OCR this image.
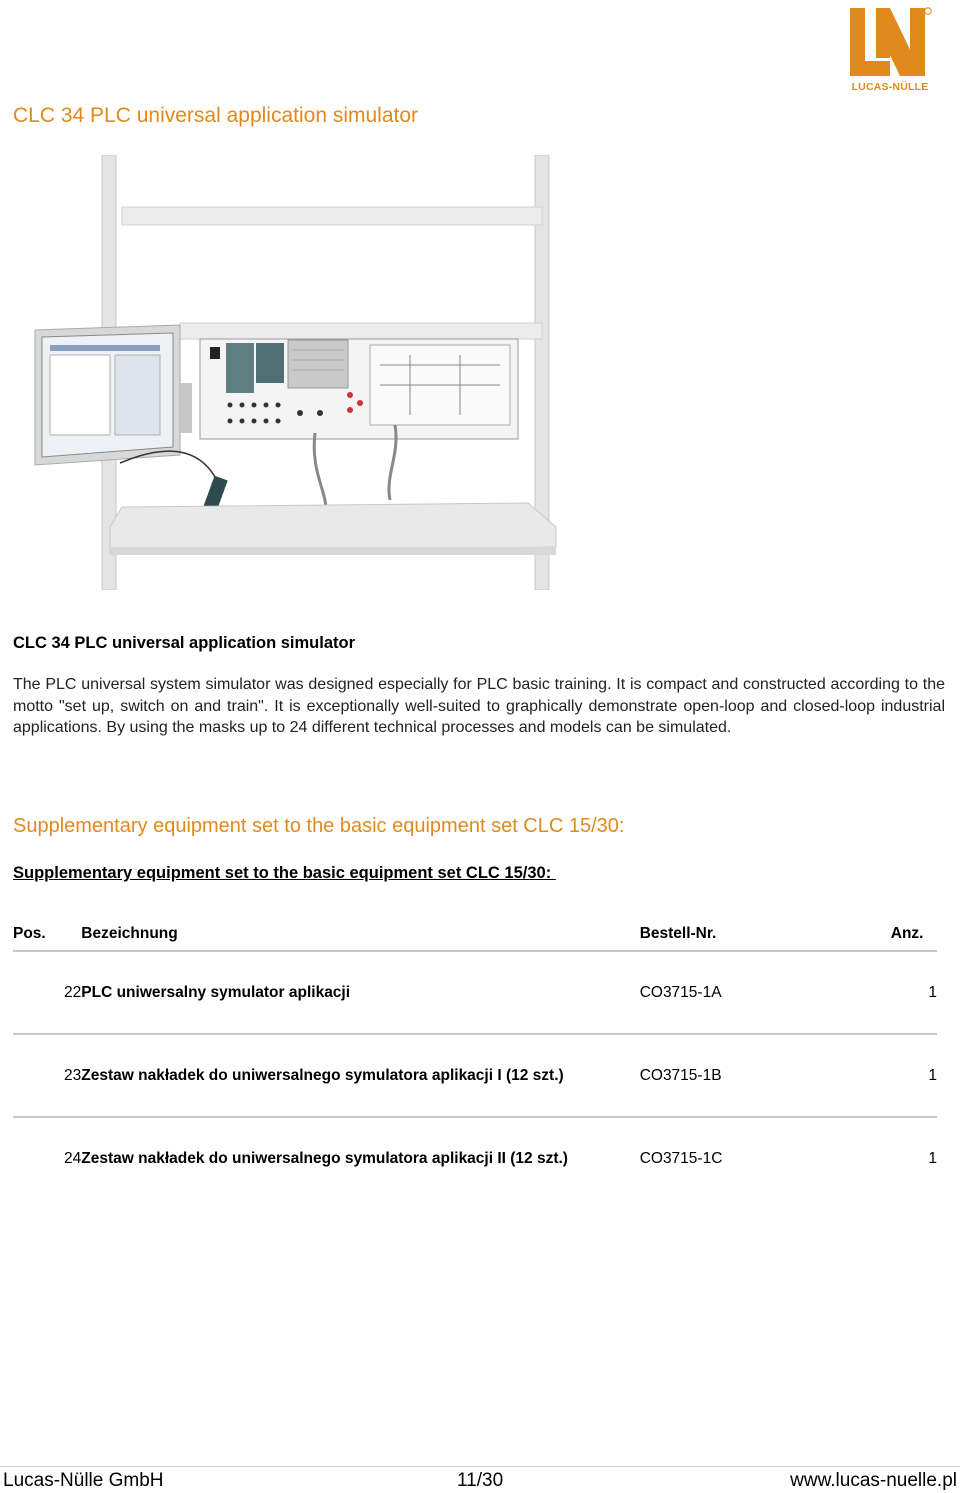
LUCAS-NÜLLE
CLC 34 PLC universal application simulator
CLC 34 PLC universal application simulator

The PLC universal system simulator was designed especially for PLC basic training. It is compact and constructed according to the motto "set up, switch on and train". It is exceptionally well-suited to graphically demonstrate open-loop and closed-loop industrial applications. By using the masks up to 24 different technical processes and models can be simulated.

Supplementary equipment set to the basic equipment set CLC 15/30:
Supplementary equipment set to the basic equipment set CLC 15/30:
Pos.	Bezeichnung	Bestell-Nr.	Anz.
22	PLC uniwersalny symulator aplikacji	CO3715-1A	1
23	Zestaw nakładek do uniwersalnego symulatora aplikacji I (12 szt.)	CO3715-1B	1
24	Zestaw nakładek do uniwersalnego symulatora aplikacji II (12 szt.)	CO3715-1C	1
Lucas-Nülle GmbH	11/30	www.lucas-nuelle.pl
